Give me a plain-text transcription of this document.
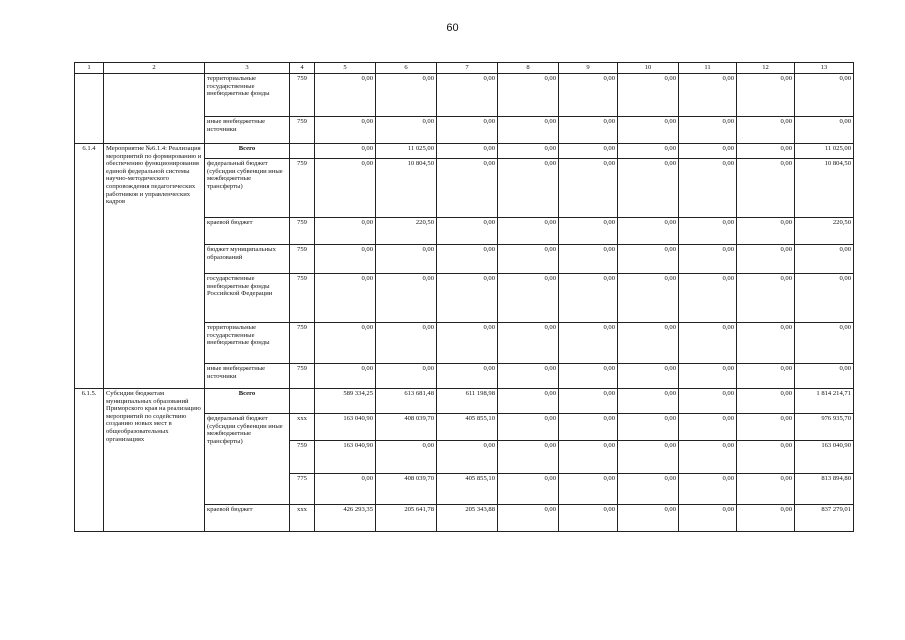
60
1	2	3	4	5	6	7	8	9	10	11	12	13
		территориальные государственные внебюджетные фонды	759	0,00	0,00	0,00	0,00	0,00	0,00	0,00	0,00	0,00
		иные внебюджетные источники	759	0,00	0,00	0,00	0,00	0,00	0,00	0,00	0,00	0,00
6.1.4	Мероприятие №6.1.4: Реализация мероприятий по формированию и обеспечению функционирования единой федеральной системы научно-методического сопровождения педагогических работников и управленческих кадров	Всего		0,00	11 025,00	0,00	0,00	0,00	0,00	0,00	0,00	11 025,00
		федеральный бюджет (субсидии субвенции иные межбюджетные трансферты)	759	0,00	10 804,50	0,00	0,00	0,00	0,00	0,00	0,00	10 804,50
		краевой бюджет	759	0,00	220,50	0,00	0,00	0,00	0,00	0,00	0,00	220,50
		бюджет муниципальных образований	759	0,00	0,00	0,00	0,00	0,00	0,00	0,00	0,00	0,00
		государственные внебюджетные фонды Российской Федерации	759	0,00	0,00	0,00	0,00	0,00	0,00	0,00	0,00	0,00
		территориальные государственные внебюджетные фонды	759	0,00	0,00	0,00	0,00	0,00	0,00	0,00	0,00	0,00
		иные внебюджетные источники	759	0,00	0,00	0,00	0,00	0,00	0,00	0,00	0,00	0,00
6.1.5.	Субсидии бюджетам муниципальных образований Приморского края на реализацию мероприятий по содействию созданию новых мест в общеобразовательных организациях	Всего		589 334,25	613 681,48	611 198,98	0,00	0,00	0,00	0,00	0,00	1 814 214,71
		федеральный бюджет (субсидии субвенции иные межбюджетные трансферты)	xxx	163 040,90	408 039,70	405 855,10	0,00	0,00	0,00	0,00	0,00	976 935,70
			759	163 040,90	0,00	0,00	0,00	0,00	0,00	0,00	0,00	163 040,90
			775	0,00	408 039,70	405 855,10	0,00	0,00	0,00	0,00	0,00	813 894,80
		краевой бюджет	xxx	426 293,35	205 641,78	205 343,88	0,00	0,00	0,00	0,00	0,00	837 279,01
